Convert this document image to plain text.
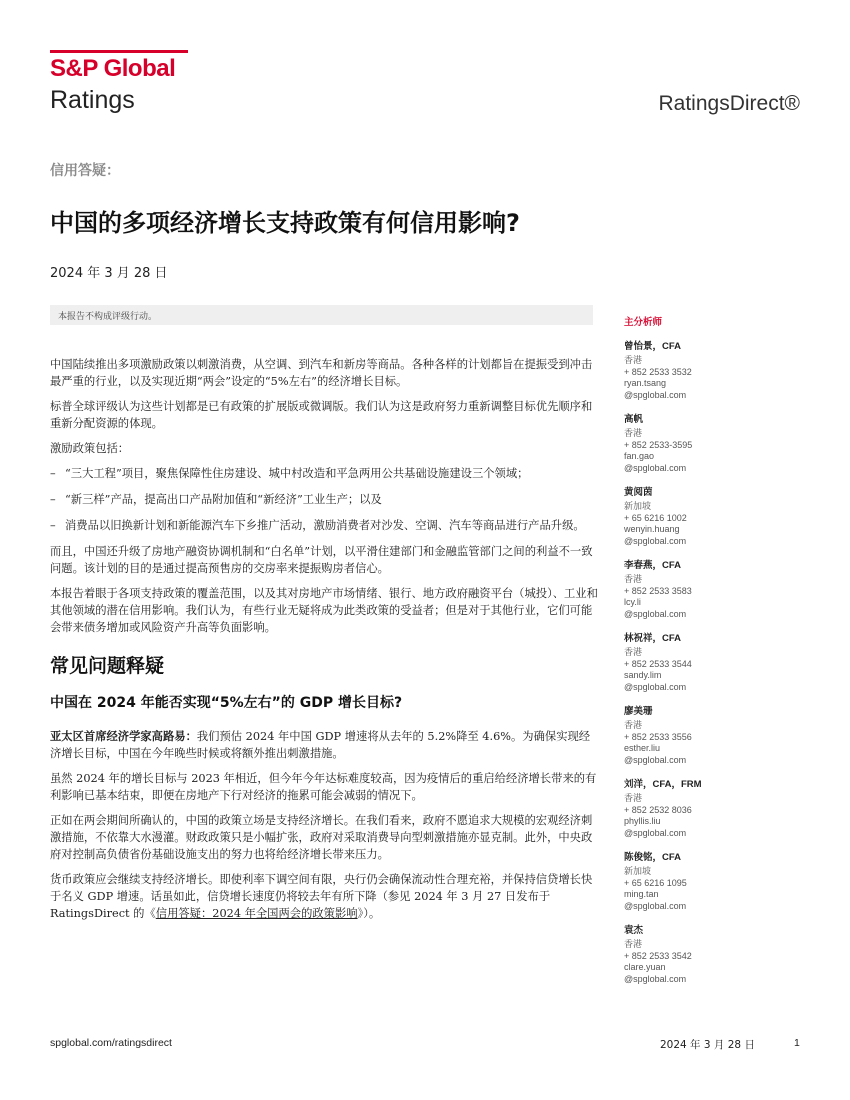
S&P Global
Ratings	RatingsDirect®
信用答疑：
中国的多项经济增长支持政策有何信用影响?
2024 年 3 月 28 日
本报告不构成评级行动。

中国陆续推出多项激励政策以刺激消费，从空调、到汽车和新房等商品。各种各样的计划都旨在提振受到冲击最严重的行业，以及实现近期“两会”设定的“5%左右”的经济增长目标。

标普全球评级认为这些计划都是已有政策的扩展版或微调版。我们认为这是政府努力重新调整目标优先顺序和重新分配资源的体现。

激励政策包括：

– “三大工程”项目，聚焦保障性住房建设、城中村改造和平急两用公共基础设施建设三个领域；
– “新三样”产品，提高出口产品附加值和“新经济”工业生产；以及
– 消费品以旧换新计划和新能源汽车下乡推广活动，激励消费者对沙发、空调、汽车等商品进行产品升级。

而且，中国还升级了房地产融资协调机制和“白名单”计划，以平滑住建部门和金融监管部门之间的利益不一致问题。该计划的目的是通过提高预售房的交房率来提振购房者信心。

本报告着眼于各项支持政策的覆盖范围，以及其对房地产市场情绪、银行、地方政府融资平台（城投）、工业和其他领域的潜在信用影响。我们认为，有些行业无疑将成为此类政策的受益者；但是对于其他行业，它们可能会带来债务增加或风险资产升高等负面影响。

常见问题释疑
中国在 2024 年能否实现“5%左右”的 GDP 增长目标?

亚太区首席经济学家高路易：我们预估 2024 年中国 GDP 增速将从去年的 5.2%降至 4.6%。为确保实现经济增长目标，中国在今年晚些时候或将额外推出刺激措施。

虽然 2024 年的增长目标与 2023 年相近，但今年今年达标难度较高，因为疫情后的重启给经济增长带来的有利影响已基本结束，即便在房地产下行对经济的拖累可能会减弱的情况下。

正如在两会期间所确认的，中国的政策立场是支持经济增长。在我们看来，政府不愿追求大规模的宏观经济刺激措施，不依靠大水漫灌。财政政策只是小幅扩张，政府对采取消费导向型刺激措施亦显克制。此外，中央政府对控制高负债省份基础设施支出的努力也将给经济增长带来压力。

货币政策应会继续支持经济增长。即使利率下调空间有限，央行仍会确保流动性合理充裕，并保持信贷增长快于名义 GDP 增速。话虽如此，信贷增长速度仍将较去年有所下降（参见 2024 年 3 月 27 日发布于 RatingsDirect 的《信用答疑：2024 年全国两会的政策影响》）。

主分析师
曾怡景，CFA
香港
+ 852 2533 3532
ryan.tsang
@spglobal.com
高帆
香港
+ 852 2533-3595
fan.gao
@spglobal.com
黄阅茵
新加坡
+ 65 6216 1002
wenyin.huang
@spglobal.com
李春燕，CFA
香港
+ 852 2533 3583
lcy.li
@spglobal.com
林祝祥，CFA
香港
+ 852 2533 3544
sandy.lim
@spglobal.com
廖美珊
香港
+ 852 2533 3556
esther.liu
@spglobal.com
刘洋，CFA，FRM
香港
+ 852 2532 8036
phyllis.liu
@spglobal.com
陈俊铭，CFA
新加坡
+ 65 6216 1095
ming.tan
@spglobal.com
袁杰
香港
+ 852 2533 3542
clare.yuan
@spglobal.com
spglobal.com/ratingsdirect	2024 年 3 月 28 日	1
